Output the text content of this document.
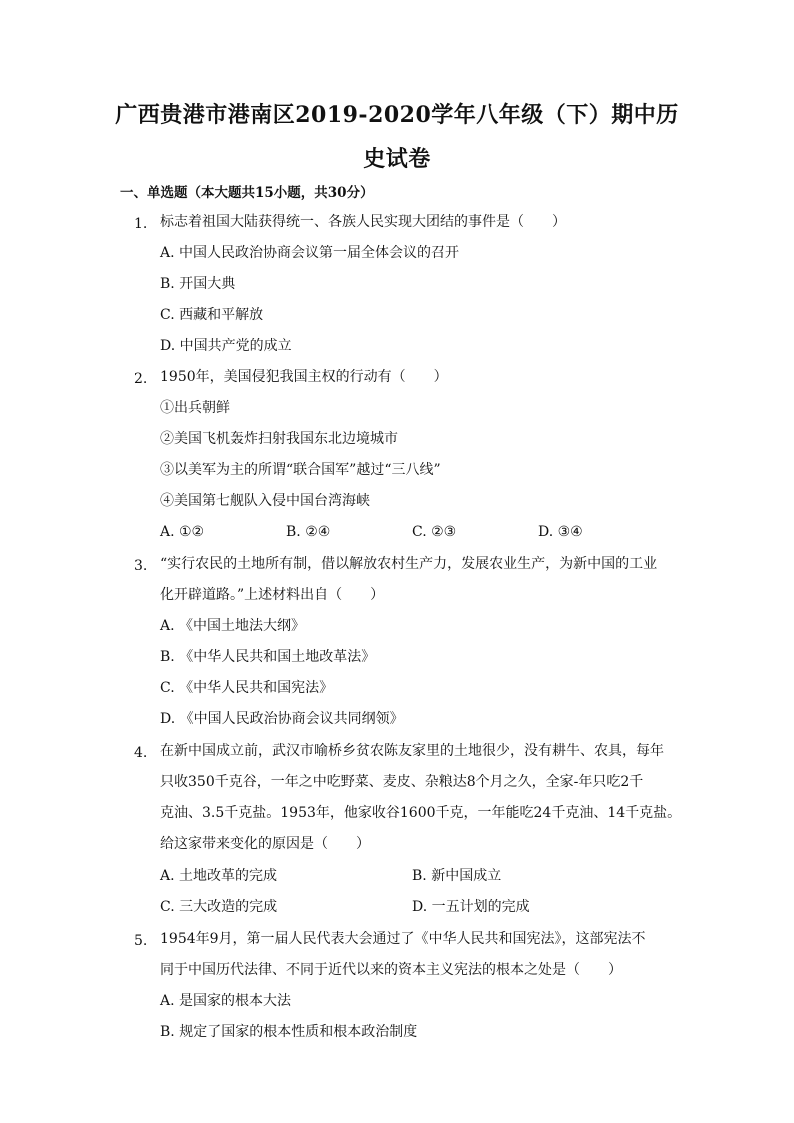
广西贵港市港南区2019-2020学年八年级（下）期中历
史试卷
一、单选题（本大题共15小题，共30分）
1. 标志着祖国大陆获得统一、各族人民实现大团结的事件是（　　）
A. 中国人民政治协商会议第一届全体会议的召开
B. 开国大典
C. 西藏和平解放
D. 中国共产党的成立
2. 1950年，美国侵犯我国主权的行动有（　　）
①出兵朝鲜
②美国飞机轰炸扫射我国东北边境城市
③以美军为主的所谓“联合国军”越过“三八线”
④美国第七舰队入侵中国台湾海峡
A. ①②	B. ②④	C. ②③	D. ③④
3. “实行农民的土地所有制，借以解放农村生产力，发展农业生产，为新中国的工业
化开辟道路。”上述材料出自（　　）
A. 《中国土地法大纲》
B. 《中华人民共和国土地改革法》
C. 《中华人民共和国宪法》
D. 《中国人民政治协商会议共同纲领》
4. 在新中国成立前，武汉市喻桥乡贫农陈友家里的土地很少，没有耕牛、农具，每年
只收350千克谷，一年之中吃野菜、麦皮、杂粮达8个月之久，全家-年只吃2千
克油、3.5千克盐。1953年，他家收谷1600千克，一年能吃24千克油、14千克盐。
给这家带来变化的原因是（　　）
A. 土地改革的完成	B. 新中国成立
C. 三大改造的完成	D. 一五计划的完成
5. 1954年9月，第一届人民代表大会通过了《中华人民共和国宪法》，这部宪法不
同于中国历代法律、不同于近代以来的资本主义宪法的根本之处是（　　）
A. 是国家的根本大法
B. 规定了国家的根本性质和根本政治制度
